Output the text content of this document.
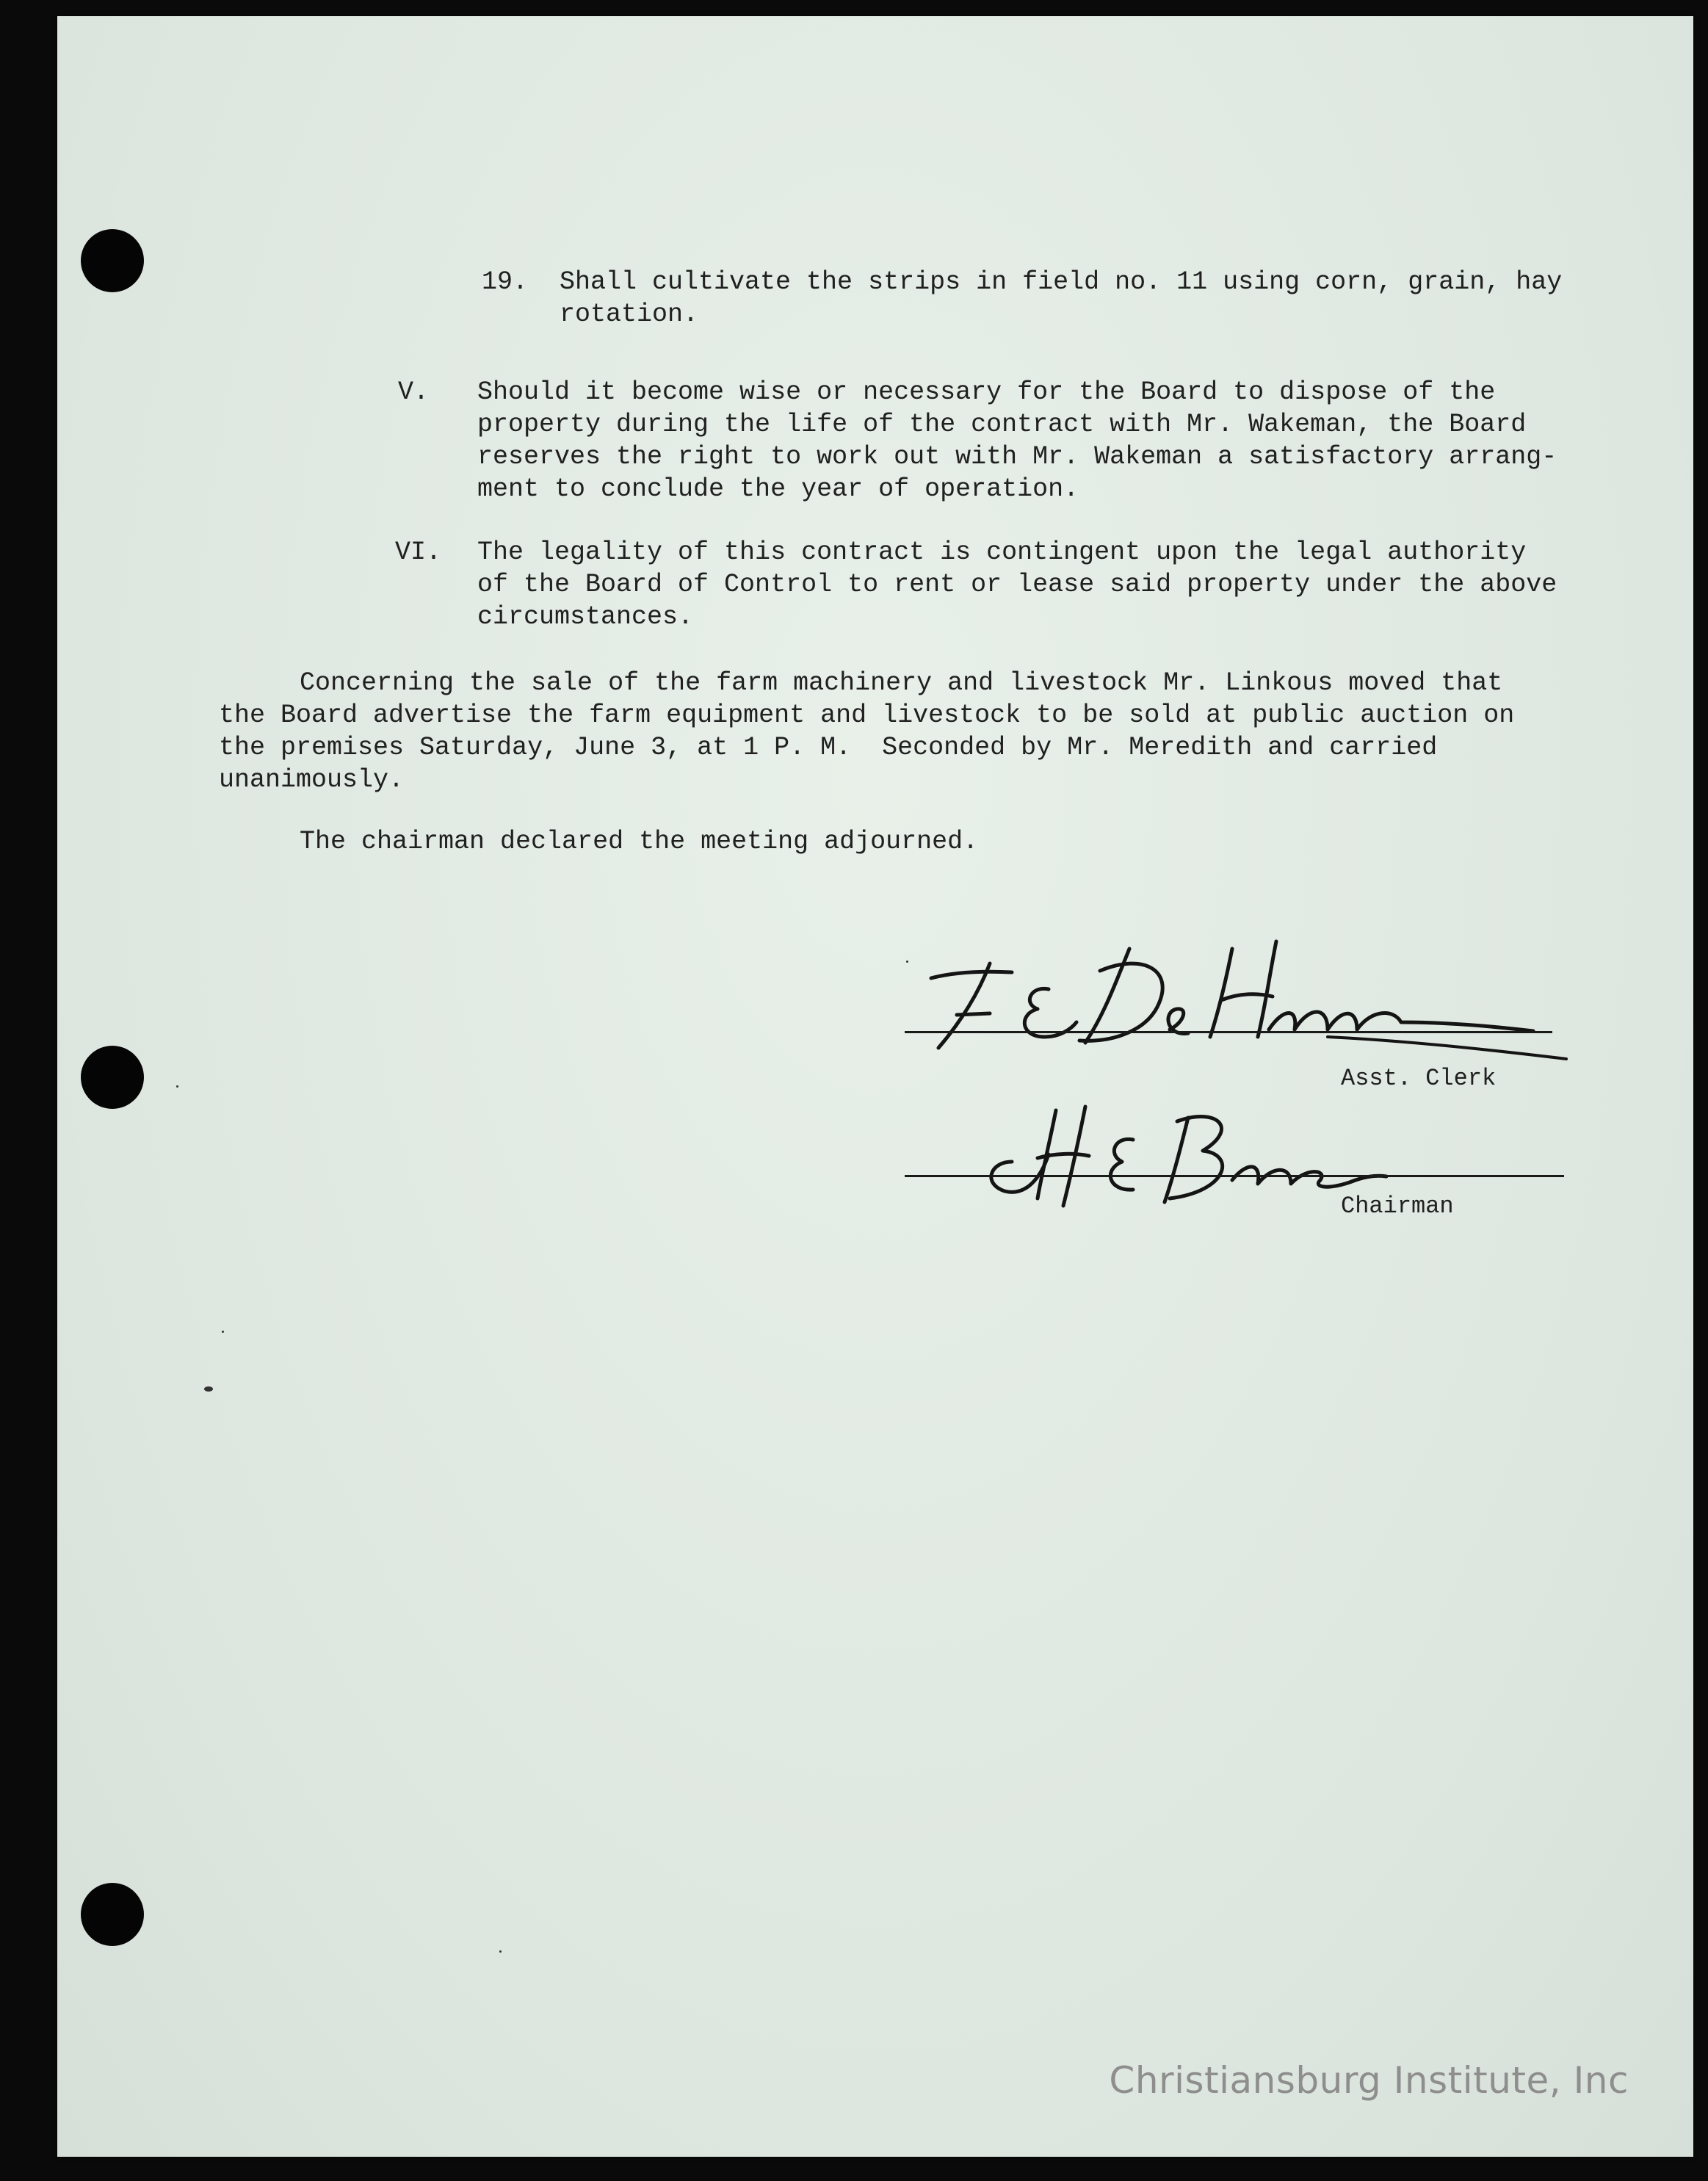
19. Shall cultivate the strips in field no. 11 using corn, grain, hay
rotation.
V. Should it become wise or necessary for the Board to dispose of the
property during the life of the contract with Mr. Wakeman, the Board
reserves the right to work out with Mr. Wakeman a satisfactory arrang-
ment to conclude the year of operation.
VI. The legality of this contract is contingent upon the legal authority
of the Board of Control to rent or lease said property under the above
circumstances.
Concerning the sale of the farm machinery and livestock Mr. Linkous moved that
the Board advertise the farm equipment and livestock to be sold at public auction on
the premises Saturday, June 3, at 1 P. M.  Seconded by Mr. Meredith and carried
unanimously.
The chairman declared the meeting adjourned.
Asst. Clerk
Chairman
Christiansburg Institute, Inc
